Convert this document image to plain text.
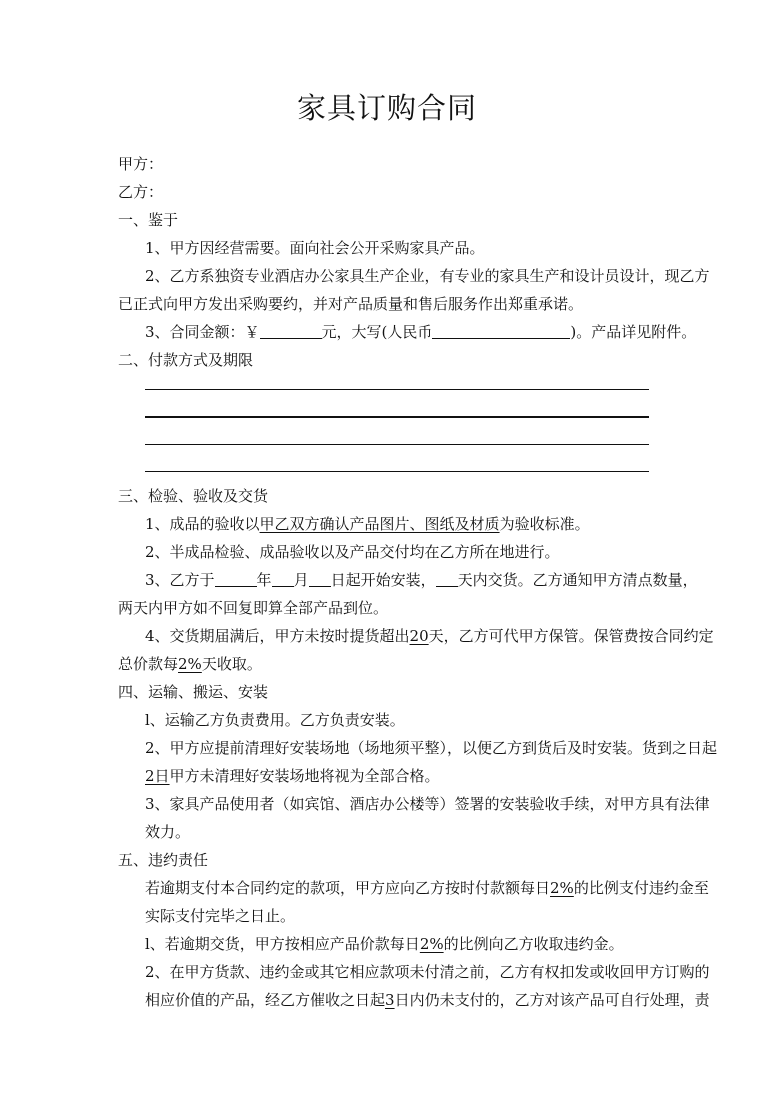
家具订购合同
甲方：
乙方：
一、鉴于
1、甲方因经营需要。面向社会公开采购家具产品。
2、乙方系独资专业酒店办公家具生产企业，有专业的家具生产和设计员设计，现乙方
已正式向甲方发出采购要约，并对产品质量和售后服务作出郑重承诺。
3、合同金额：￥	元，大写(人民币	)。产品详见附件。
二、付款方式及期限
三、检验、验收及交货
1、成品的验收以甲乙双方确认产品图片、图纸及材质为验收标准。
2、半成品检验、成品验收以及产品交付均在乙方所在地进行。
3、乙方于	年 月 日起开始安装， 天内交货。乙方通知甲方清点数量，
两天内甲方如不回复即算全部产品到位。
4、交货期届满后，甲方未按时提货超出20天，乙方可代甲方保管。保管费按合同约定
总价款每2%天收取。
四、运输、搬运、安装
l、运输乙方负责费用。乙方负责安装。
2、甲方应提前清理好安装场地（场地须平整），以便乙方到货后及时安装。货到之日起
2日甲方未清理好安装场地将视为全部合格。
3、家具产品使用者（如宾馆、酒店办公楼等）签署的安装验收手续，对甲方具有法律
效力。
五、违约责任
若逾期支付本合同约定的款项，甲方应向乙方按时付款额每日2%的比例支付违约金至
实际支付完毕之日止。
l、若逾期交货，甲方按相应产品价款每日2%的比例向乙方收取违约金。
2、在甲方货款、违约金或其它相应款项未付清之前，乙方有权扣发或收回甲方订购的
相应价值的产品，经乙方催收之日起3日内仍未支付的，乙方对该产品可自行处理，责
